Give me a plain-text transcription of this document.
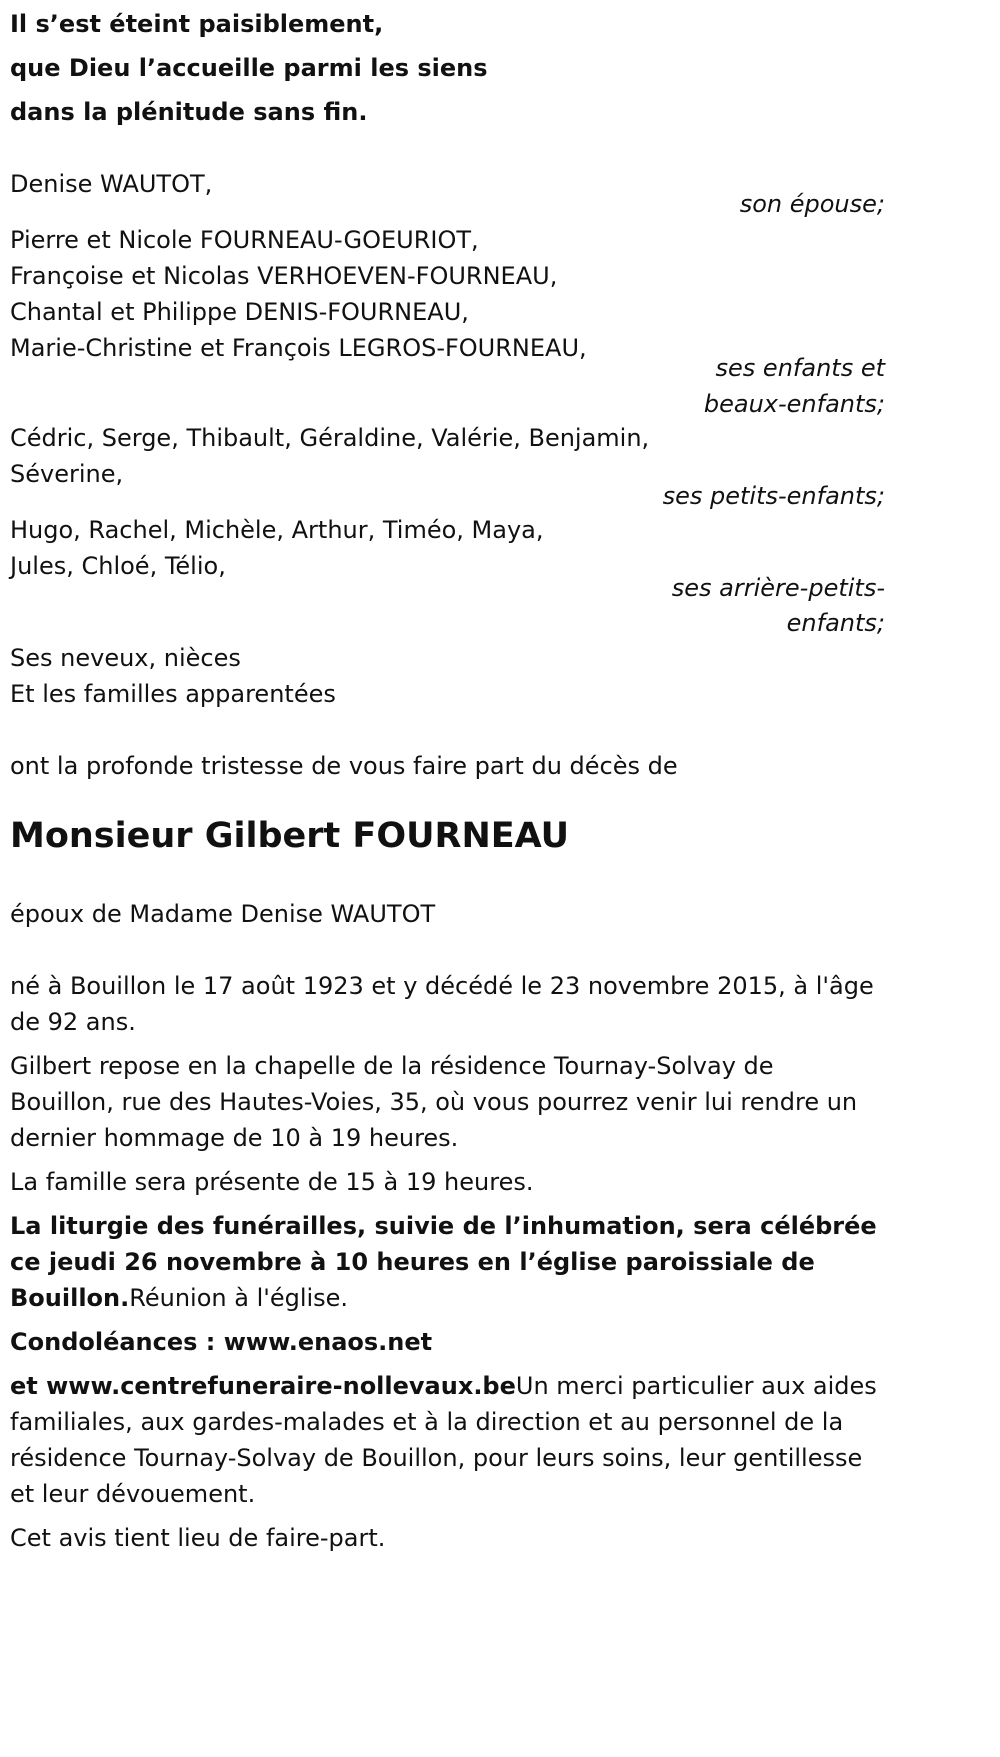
Il s’est éteint paisiblement,
que Dieu l’accueille parmi les siens
dans la plénitude sans fin.
Denise WAUTOT,
son épouse;
Pierre et Nicole FOURNEAU-GOEURIOT,
Françoise et Nicolas VERHOEVEN-FOURNEAU,
Chantal et Philippe DENIS-FOURNEAU,
Marie-Christine et François LEGROS-FOURNEAU,
ses enfants et
beaux-enfants;
Cédric, Serge, Thibault, Géraldine, Valérie, Benjamin,
Séverine,
ses petits-enfants;
Hugo, Rachel, Michèle, Arthur, Timéo, Maya,
Jules, Chloé, Télio,
ses arrière-petits-
enfants;
Ses neveux, nièces
Et les familles apparentées
ont la profonde tristesse de vous faire part du décès de
Monsieur Gilbert FOURNEAU
époux de Madame Denise WAUTOT
né à Bouillon le 17 août 1923 et y décédé le 23 novembre 2015, à l'âge de 92 ans.
Gilbert repose en la chapelle de la résidence Tournay-Solvay de Bouillon, rue des Hautes-Voies, 35, où vous pourrez venir lui rendre un dernier hommage de 10 à 19 heures.
La famille sera présente de 15 à 19 heures.
La liturgie des funérailles, suivie de l’inhumation, sera célébrée ce jeudi 26 novembre à 10 heures en l’église paroissiale de Bouillon.Réunion à l'église.
Condoléances : www.enaos.net
et www.centrefuneraire-nollevaux.beUn merci particulier aux aides familiales, aux gardes-malades et à la direction et au personnel de la résidence Tournay-Solvay de Bouillon, pour leurs soins, leur gentillesse et leur dévouement.
Cet avis tient lieu de faire-part.
